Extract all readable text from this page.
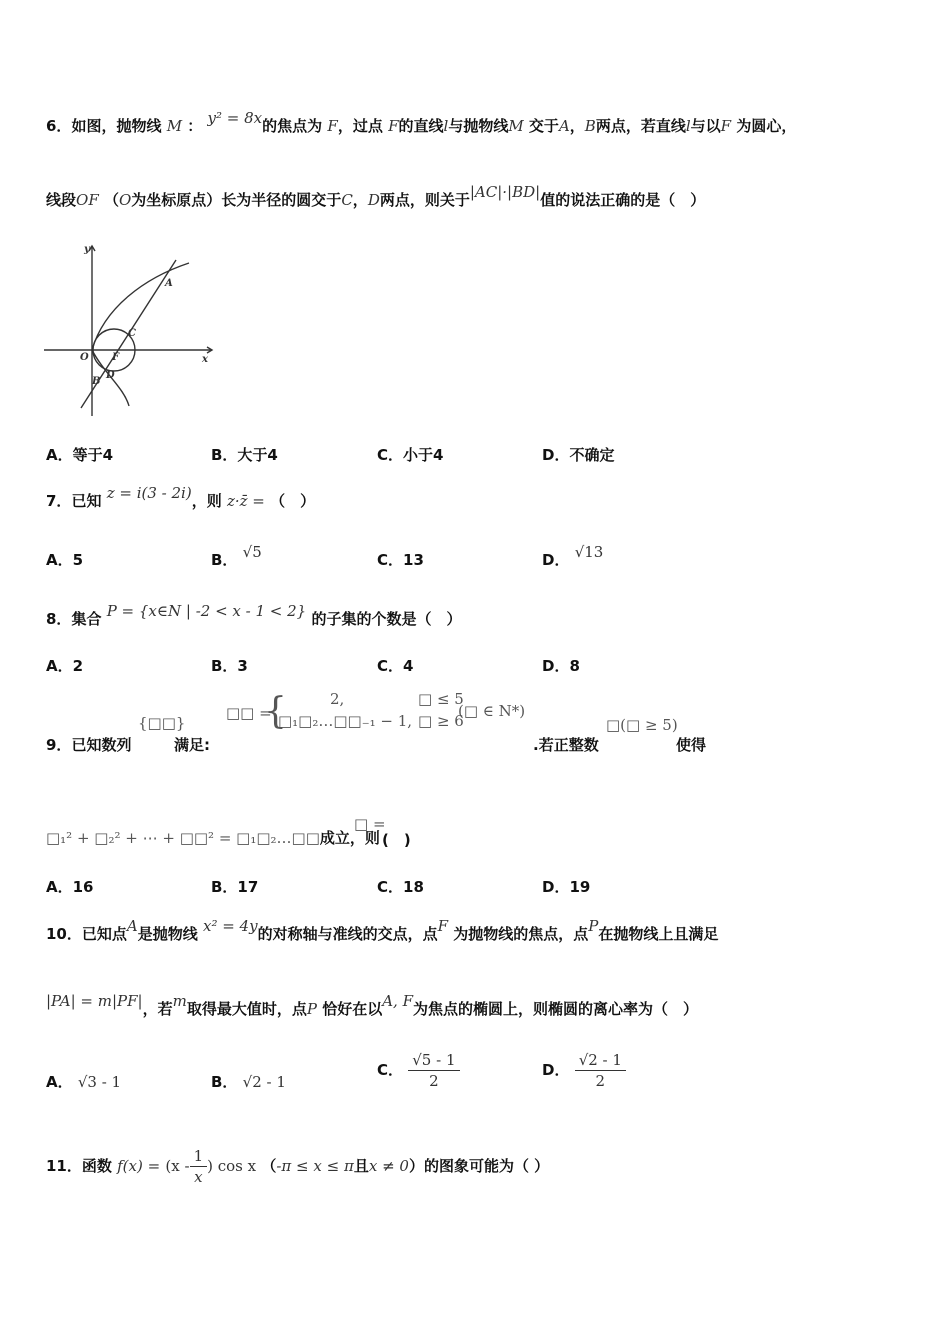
6．如图，抛物线 M ： y² = 8x的焦点为 F，过点 F的直线l与抛物线M 交于A，B两点，若直线l与以F 为圆心，
线段OF （O为坐标原点）长为半径的圆交于C，D两点，则关于|AC|·|BD|值的说法正确的是（　）
y
x
O F
A
C
D
B
A．等于4	B．大于4	C．小于4	D．不确定
7．已知 z = i(3 - 2i)，则 z·z̄ = （　）
A．5	B． √5	C．13	D． √13
8．集合 P = {x∈N | -2 < x - 1 < 2} 的子集的个数是（　）
A．2	B．3	C．4	D．8
9．已知数列
{□□}
满足:
□□ =
{	2,	□ ≤ 5
□₁□₂…□□₋₁ − 1, □ ≥ 6
(□ ∈ N*)
.若正整数
□(□ ≥ 5)
使得
□₁² + □₂² + ⋯ + □□² = □₁□₂…□□成立，则
□ =
(　)
A．16	B．17	C．18	D．19
10．已知点A是抛物线 x² = 4y的对称轴与准线的交点，点F 为抛物线的焦点，点P在抛物线上且满足
|PA| = m|PF|，若m取得最大值时，点P 恰好在以A, F为焦点的椭圆上，则椭圆的离心率为（　）
A． √3 - 1	B． √2 - 1
C． $\frac{√5 - 1}{2}$	D． $\frac{√2 - 1}{2}$
11．函数 $f(x) = (x - \frac{1}{x}$ ) cos x （-π ≤ x ≤ π且x ≠ 0）的图象可能为（ ）
